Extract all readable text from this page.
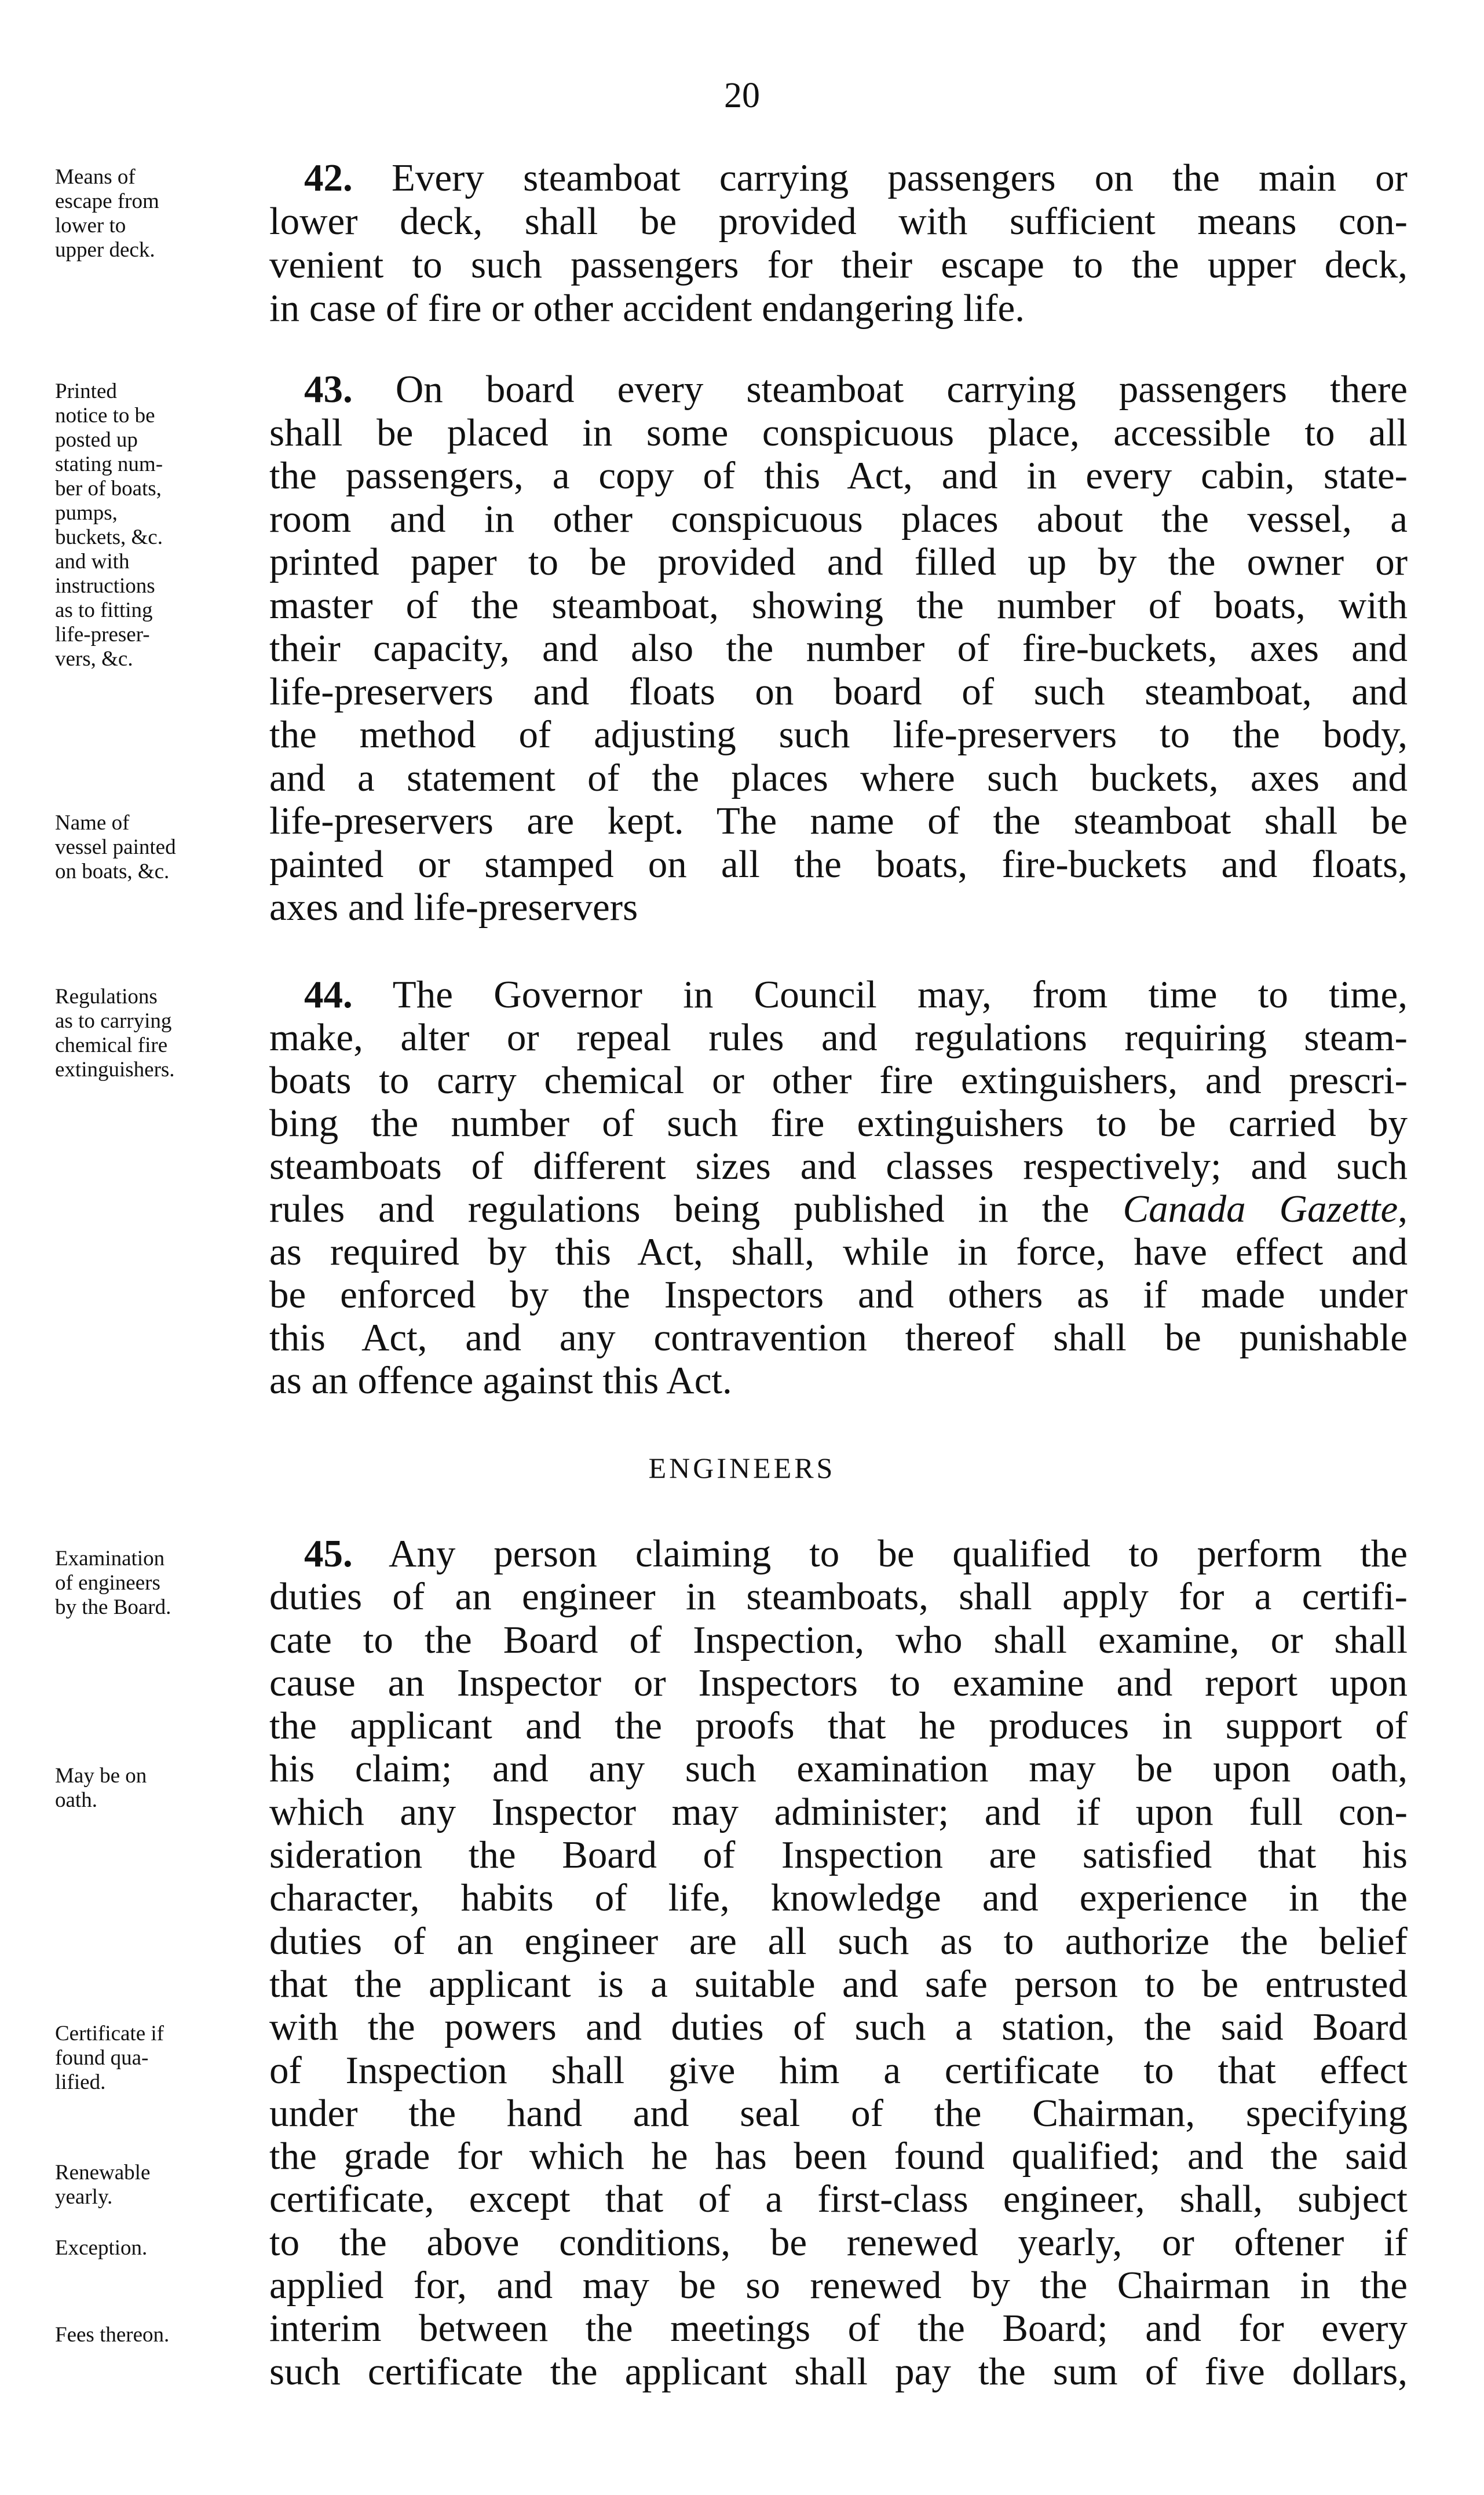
20
Means of
escape from
lower to
upper deck.
Printed
notice to be
posted up
stating num-
ber of boats,
pumps,
buckets, &c.
and with
instructions
as to fitting
life-preser-
vers, &c.
Name of
vessel painted
on boats, &c.
Regulations
as to carrying
chemical fire
extinguishers.
Examination
of engineers
by the Board.
May be on
oath.
Certificate if
found qua-
lified.
Renewable
yearly.
Exception.
Fees thereon.
42. Every steamboat carrying passengers on the main or
lower deck, shall be provided with sufficient means con-
venient to such passengers for their escape to the upper deck,
in case of fire or other accident endangering life.
43. On board every steamboat carrying passengers there
shall be placed in some conspicuous place, accessible to all
the passengers, a copy of this Act, and in every cabin, state-
room and in other conspicuous places about the vessel, a
printed paper to be provided and filled up by the owner or
master of the steamboat, showing the number of boats, with
their capacity, and also the number of fire-buckets, axes and
life-preservers and floats on board of such steamboat, and
the method of adjusting such life-preservers to the body,
and a statement of the places where such buckets, axes and
life-preservers are kept. The name of the steamboat shall be
painted or stamped on all the boats, fire-buckets and floats,
axes and life-preservers
44. The Governor in Council may, from time to time,
make, alter or repeal rules and regulations requiring steam-
boats to carry chemical or other fire extinguishers, and prescri-
bing the number of such fire extinguishers to be carried by
steamboats of different sizes and classes respectively; and such
rules and regulations being published in the Canada Gazette,
as required by this Act, shall, while in force, have effect and
be enforced by the Inspectors and others as if made under
this Act, and any contravention thereof shall be punishable
as an offence against this Act.
ENGINEERS
45. Any person claiming to be qualified to perform the
duties of an engineer in steamboats, shall apply for a certifi-
cate to the Board of Inspection, who shall examine, or shall
cause an Inspector or Inspectors to examine and report upon
the applicant and the proofs that he produces in support of
his claim; and any such examination may be upon oath,
which any Inspector may administer; and if upon full con-
sideration the Board of Inspection are satisfied that his
character, habits of life, knowledge and experience in the
duties of an engineer are all such as to authorize the belief
that the applicant is a suitable and safe person to be entrusted
with the powers and duties of such a station, the said Board
of Inspection shall give him a certificate to that effect
under the hand and seal of the Chairman, specifying
the grade for which he has been found qualified; and the said
certificate, except that of a first-class engineer, shall, subject
to the above conditions, be renewed yearly, or oftener if
applied for, and may be so renewed by the Chairman in the
interim between the meetings of the Board; and for every
such certificate the applicant shall pay the sum of five dollars,
